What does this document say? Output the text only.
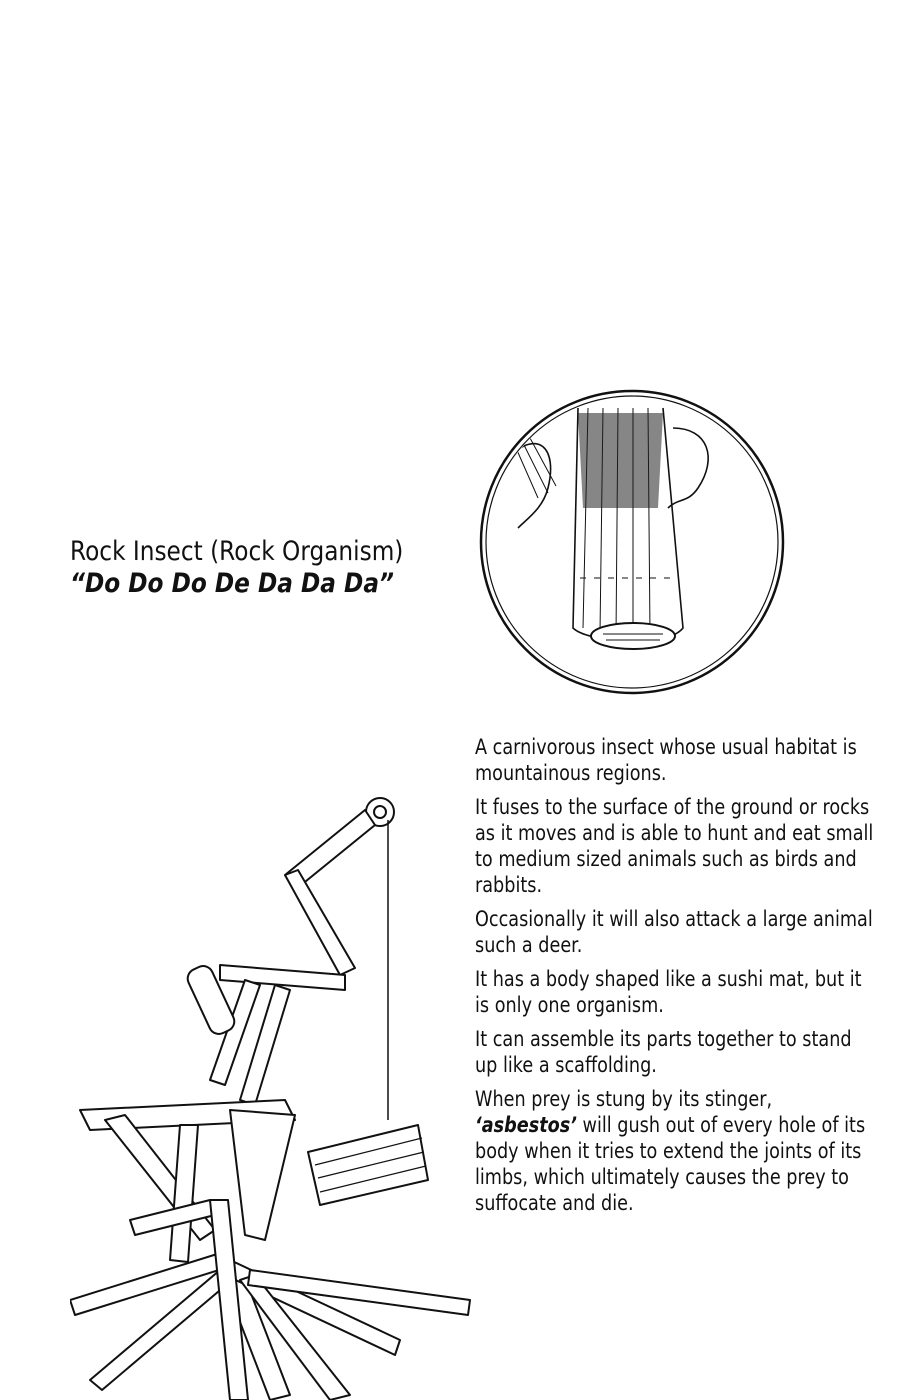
Rock Insect (Rock Organism)
“Do Do Do De Da Da Da”

A carnivorous insect whose usual habitat is mountainous regions.

It fuses to the surface of the ground or rocks as it moves and is able to hunt and eat small to medium sized animals such as birds and rabbits.

Occasionally it will also attack a large animal such a deer.

It has a body shaped like a sushi mat, but it is only one organism.

It can assemble its parts together to stand up like a scaffolding.

When prey is stung by its stinger, ‘asbestos’ will gush out of every hole of its body when it tries to extend the joints of its limbs, which ultimately causes the prey to suffocate and die.
